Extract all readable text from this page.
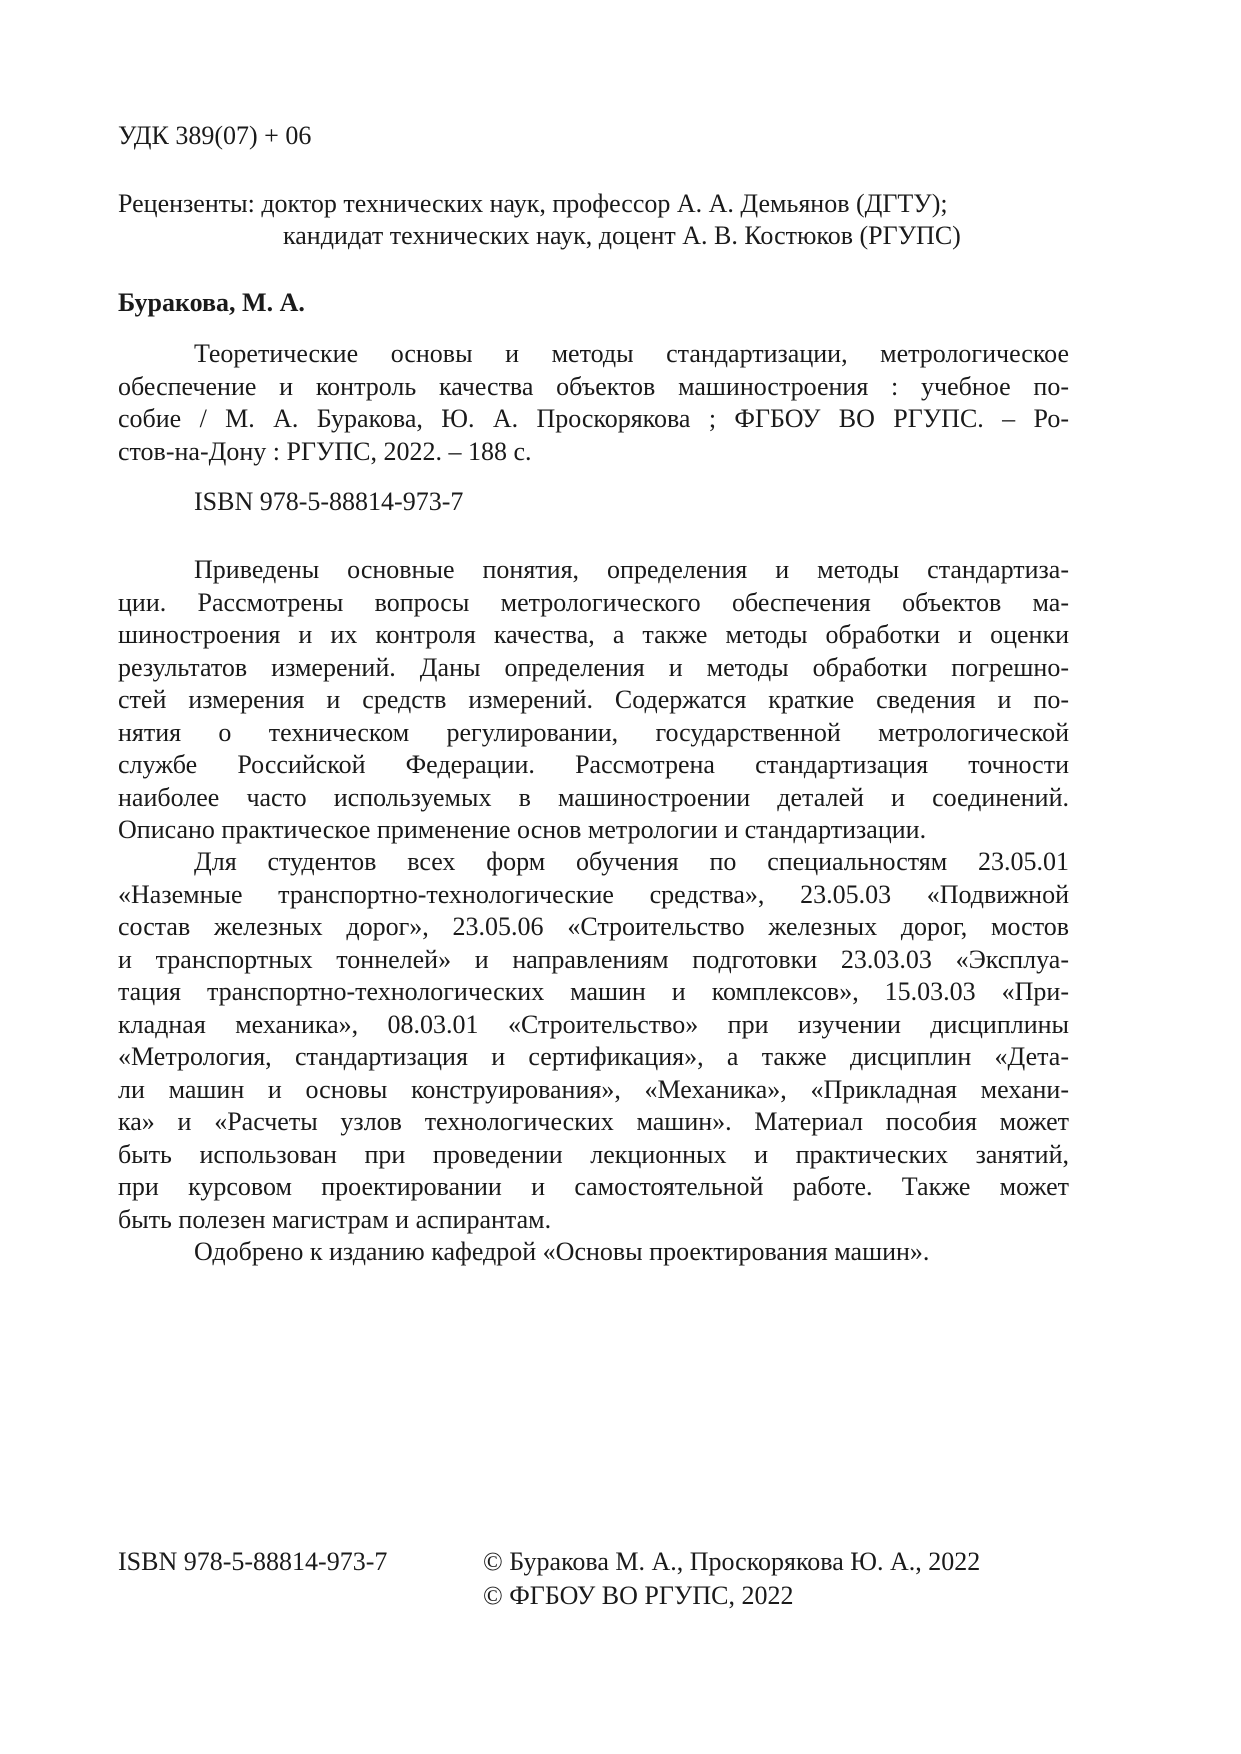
УДК 389(07) + 06
Рецензенты: доктор технических наук, профессор А. А. Демьянов (ДГТУ);
кандидат технических наук, доцент А. В. Костюков (РГУПС)
Буракова, М. А.
Теоретические основы и методы стандартизации, метрологическое
обеспечение и контроль качества объектов машиностроения : учебное по-
собие / М. А. Буракова, Ю. А. Проскорякова ; ФГБОУ ВО РГУПС. – Ро-
стов-на-Дону : РГУПС, 2022. – 188 с.
ISBN 978-5-88814-973-7
Приведены основные понятия, определения и методы стандартиза-
ции. Рассмотрены вопросы метрологического обеспечения объектов ма-
шиностроения и их контроля качества, а также методы обработки и оценки
результатов измерений. Даны определения и методы обработки погрешно-
стей измерения и средств измерений. Содержатся краткие сведения и по-
нятия о техническом регулировании, государственной метрологической
службе Российской Федерации. Рассмотрена стандартизация точности
наиболее часто используемых в машиностроении деталей и соединений.
Описано практическое применение основ метрологии и стандартизации.
Для студентов всех форм обучения по специальностям 23.05.01
«Наземные транспортно-технологические средства», 23.05.03 «Подвижной
состав железных дорог», 23.05.06 «Строительство железных дорог, мостов
и транспортных тоннелей» и направлениям подготовки 23.03.03 «Эксплуа-
тация транспортно-технологических машин и комплексов», 15.03.03 «При-
кладная механика», 08.03.01 «Строительство» при изучении дисциплины
«Метрология, стандартизация и сертификация», а также дисциплин «Дета-
ли машин и основы конструирования», «Механика», «Прикладная механи-
ка» и «Расчеты узлов технологических машин». Материал пособия может
быть использован при проведении лекционных и практических занятий,
при курсовом проектировании и самостоятельной работе. Также может
быть полезен магистрам и аспирантам.
Одобрено к изданию кафедрой «Основы проектирования машин».
ISBN 978-5-88814-973-7	© Буракова М. А., Проскорякова Ю. А., 2022
© ФГБОУ ВО РГУПС, 2022
